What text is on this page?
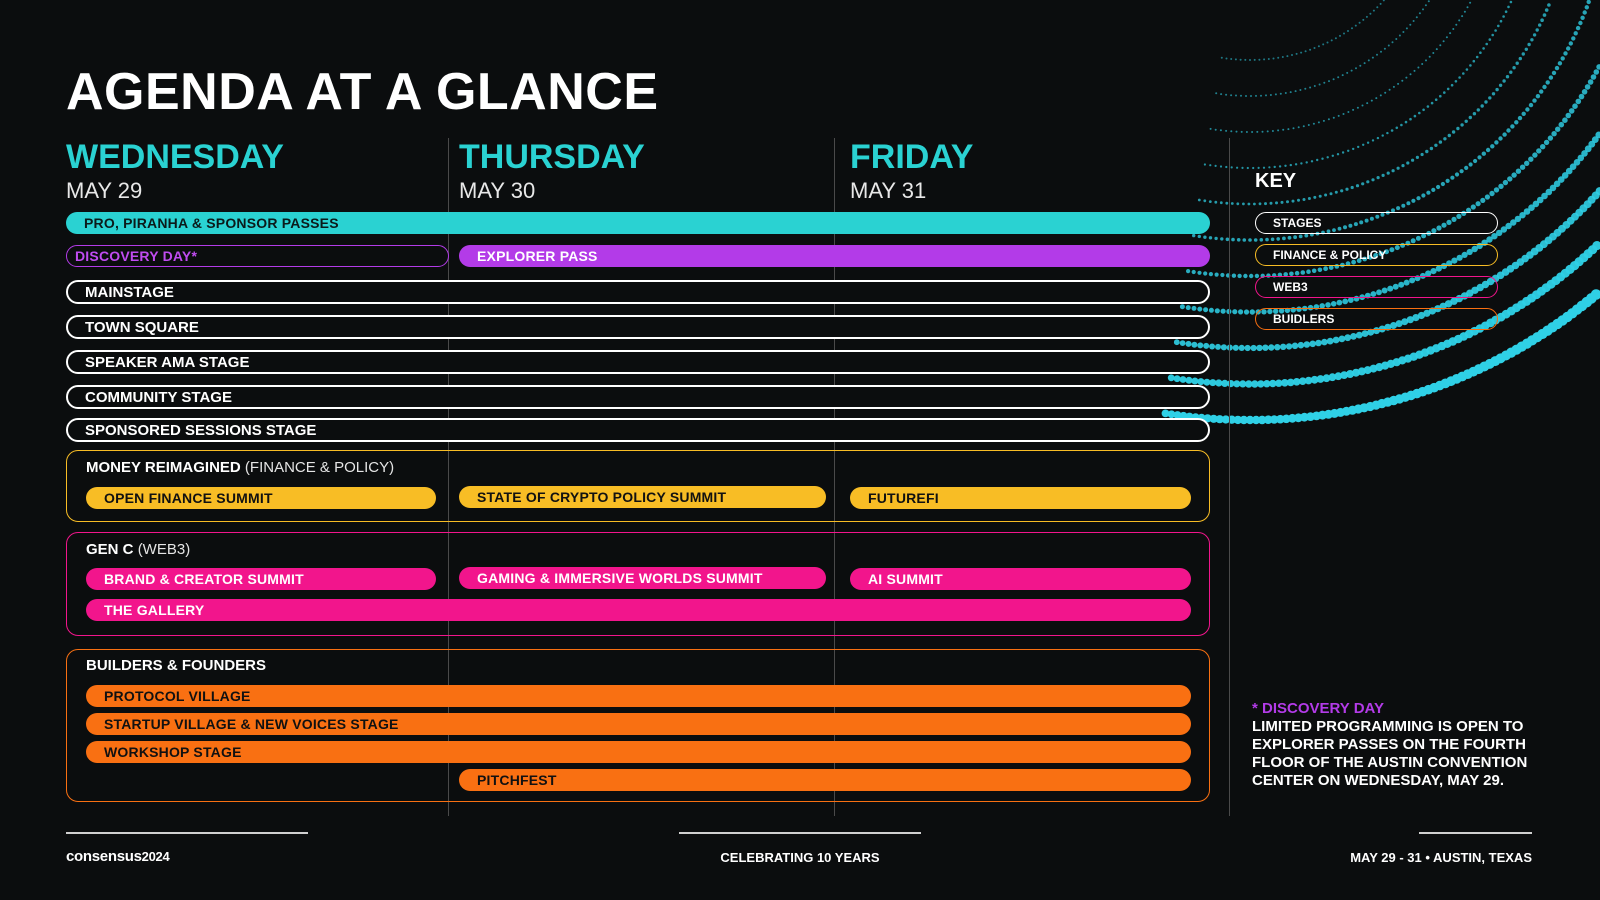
AGENDA AT A GLANCE
WEDNESDAY
MAY 29
THURSDAY
MAY 30
FRIDAY
MAY 31
PRO, PIRANHA & SPONSOR PASSES
DISCOVERY DAY*	EXPLORER PASS
MAINSTAGE
TOWN SQUARE
SPEAKER AMA STAGE
COMMUNITY STAGE
SPONSORED SESSIONS STAGE
MONEY REIMAGINED (FINANCE & POLICY)
OPEN FINANCE SUMMIT	STATE OF CRYPTO POLICY SUMMIT	FUTUREFI
GEN C (WEB3)
BRAND & CREATOR SUMMIT	GAMING & IMMERSIVE WORLDS SUMMIT	AI SUMMIT
THE GALLERY
BUILDERS & FOUNDERS
PROTOCOL VILLAGE
STARTUP VILLAGE & NEW VOICES STAGE
WORKSHOP STAGE
PITCHFEST
KEY
STAGES
FINANCE & POLICY
WEB3
BUIDLERS
* DISCOVERY DAY
LIMITED PROGRAMMING IS OPEN TO EXPLORER PASSES ON THE FOURTH FLOOR OF THE AUSTIN CONVENTION CENTER ON WEDNESDAY, MAY 29.
consensus2024	CELEBRATING 10 YEARS	MAY 29 - 31 • AUSTIN, TEXAS
